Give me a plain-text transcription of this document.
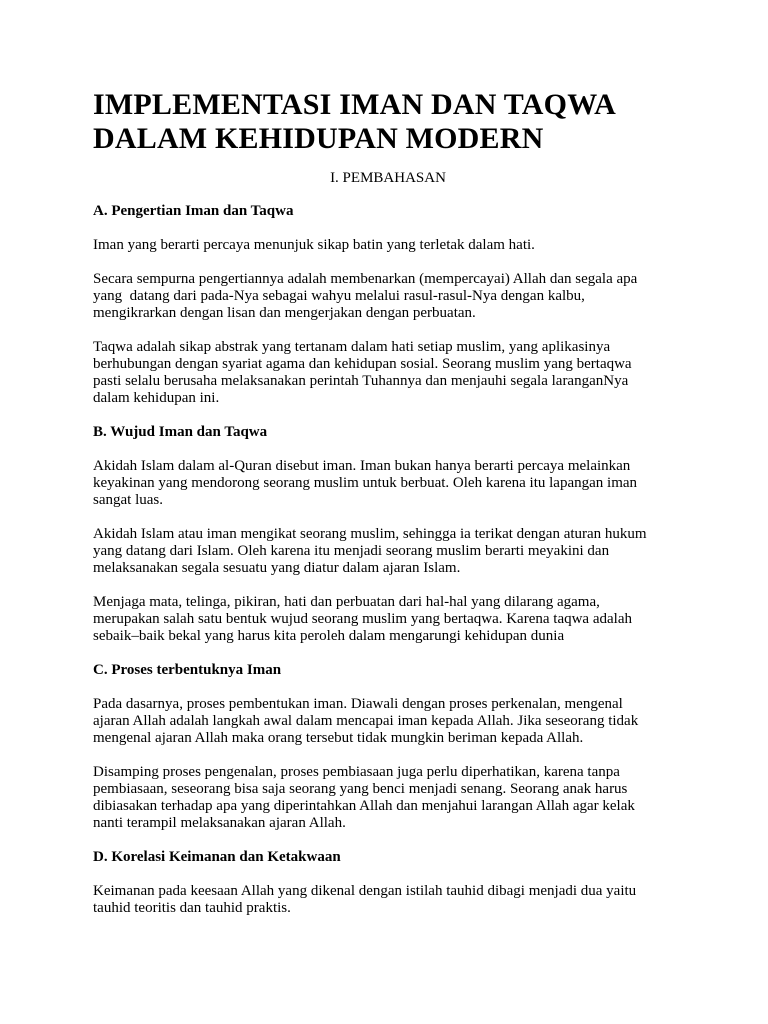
IMPLEMENTASI IMAN DAN TAQWA
DALAM KEHIDUPAN MODERN
I. PEMBAHASAN
A. Pengertian Iman dan Taqwa

Iman yang berarti percaya menunjuk sikap batin yang terletak dalam hati.

Secara sempurna pengertiannya adalah membenarkan (mempercayai) Allah dan segala apa
yang  datang dari pada-Nya sebagai wahyu melalui rasul-rasul-Nya dengan kalbu,
mengikrarkan dengan lisan dan mengerjakan dengan perbuatan.

Taqwa adalah sikap abstrak yang tertanam dalam hati setiap muslim, yang aplikasinya
berhubungan dengan syariat agama dan kehidupan sosial. Seorang muslim yang bertaqwa
pasti selalu berusaha melaksanakan perintah Tuhannya dan menjauhi segala laranganNya
dalam kehidupan ini.

B. Wujud Iman dan Taqwa

Akidah Islam dalam al-Quran disebut iman. Iman bukan hanya berarti percaya melainkan
keyakinan yang mendorong seorang muslim untuk berbuat. Oleh karena itu lapangan iman
sangat luas.

Akidah Islam atau iman mengikat seorang muslim, sehingga ia terikat dengan aturan hukum
yang datang dari Islam. Oleh karena itu menjadi seorang muslim berarti meyakini dan
melaksanakan segala sesuatu yang diatur dalam ajaran Islam.

Menjaga mata, telinga, pikiran, hati dan perbuatan dari hal-hal yang dilarang agama,
merupakan salah satu bentuk wujud seorang muslim yang bertaqwa. Karena taqwa adalah
sebaik–baik bekal yang harus kita peroleh dalam mengarungi kehidupan dunia

C. Proses terbentuknya Iman

Pada dasarnya, proses pembentukan iman. Diawali dengan proses perkenalan, mengenal
ajaran Allah adalah langkah awal dalam mencapai iman kepada Allah. Jika seseorang tidak
mengenal ajaran Allah maka orang tersebut tidak mungkin beriman kepada Allah.

Disamping proses pengenalan, proses pembiasaan juga perlu diperhatikan, karena tanpa
pembiasaan, seseorang bisa saja seorang yang benci menjadi senang. Seorang anak harus
dibiasakan terhadap apa yang diperintahkan Allah dan menjahui larangan Allah agar kelak
nanti terampil melaksanakan ajaran Allah.

D. Korelasi Keimanan dan Ketakwaan

Keimanan pada keesaan Allah yang dikenal dengan istilah tauhid dibagi menjadi dua yaitu
tauhid teoritis dan tauhid praktis.
